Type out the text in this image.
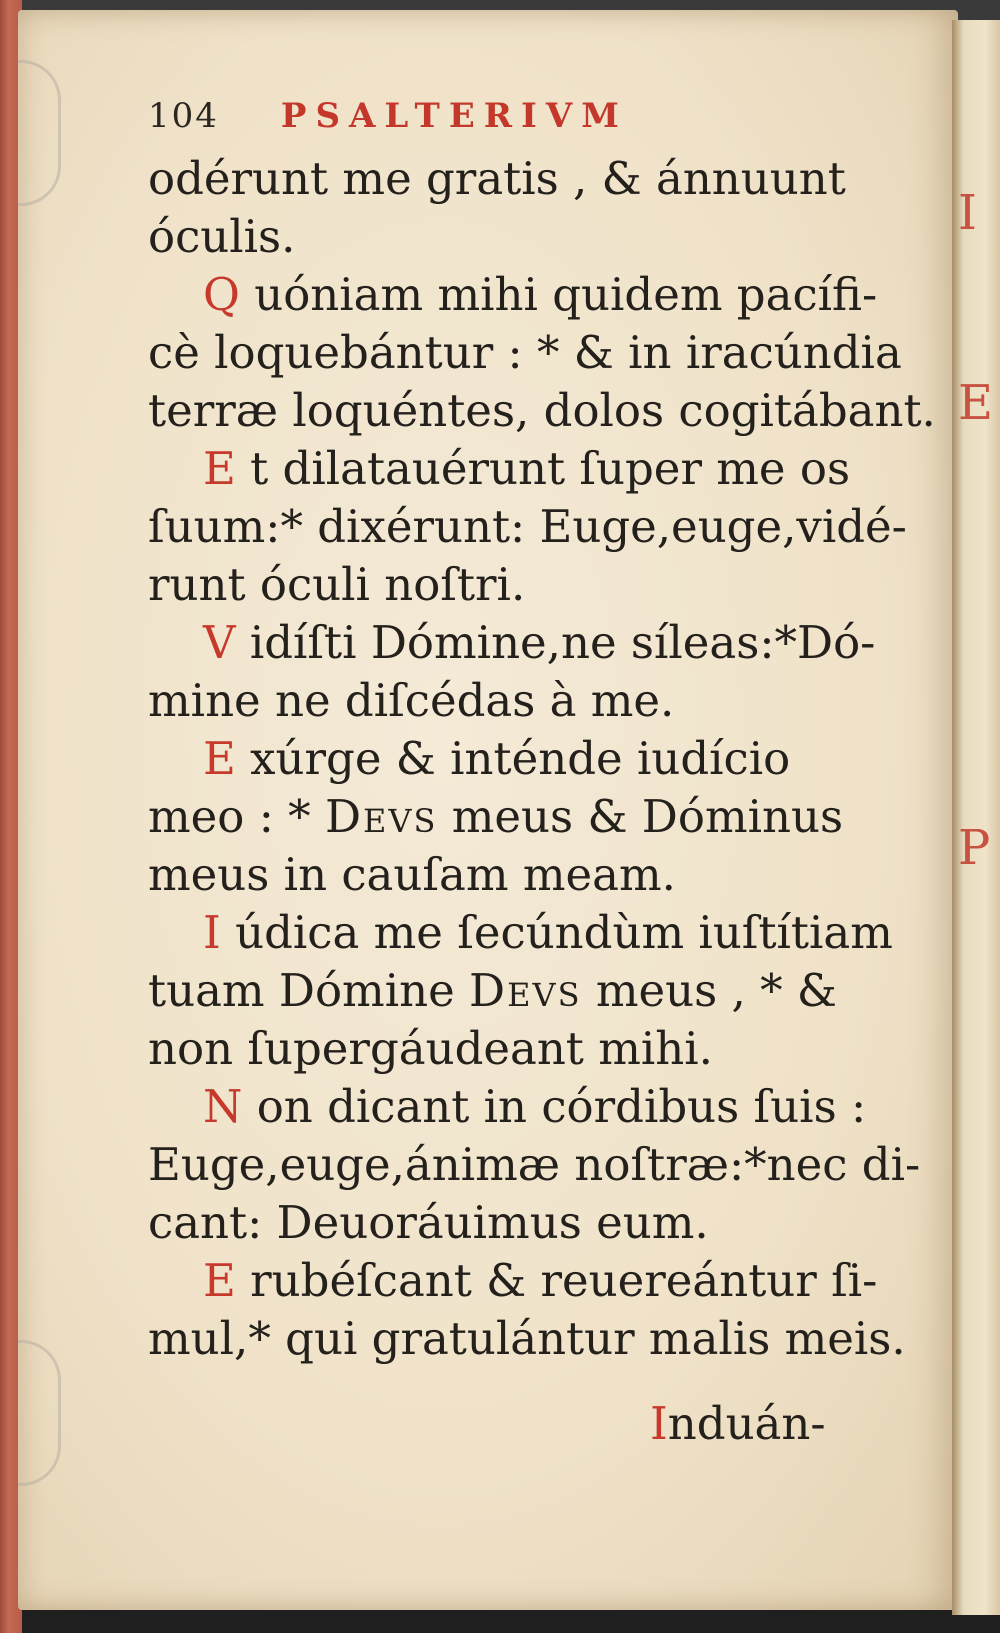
I
E
P
104 PSALTERIVM
odérunt me gratis , & ánnuunt
óculis.
Q uóniam mihi quidem pacífi-
cè loquebántur : * & in iracúndia
terræ loquéntes, dolos cogitábant.
E t dilatauérunt ſuper me os
ſuum:* dixérunt: Euge,euge,vidé-
runt óculi noſtri.
V idíſti Dómine,ne síleas:*Dó-
mine ne diſcédas à me.
E xúrge & inténde iudício
meo : * Devs meus & Dóminus
meus in cauſam meam.
I údica me ſecúndùm iuſtítiam
tuam Dómine Devs meus , * &
non ſupergáudeant mihi.
N on dicant in córdibus ſuis :
Euge,euge,ánimæ noſtræ:*nec di-
cant: Deuoráuimus eum.
E rubéſcant & reuereántur ſi-
mul,* qui gratulántur malis meis.
Induán-
